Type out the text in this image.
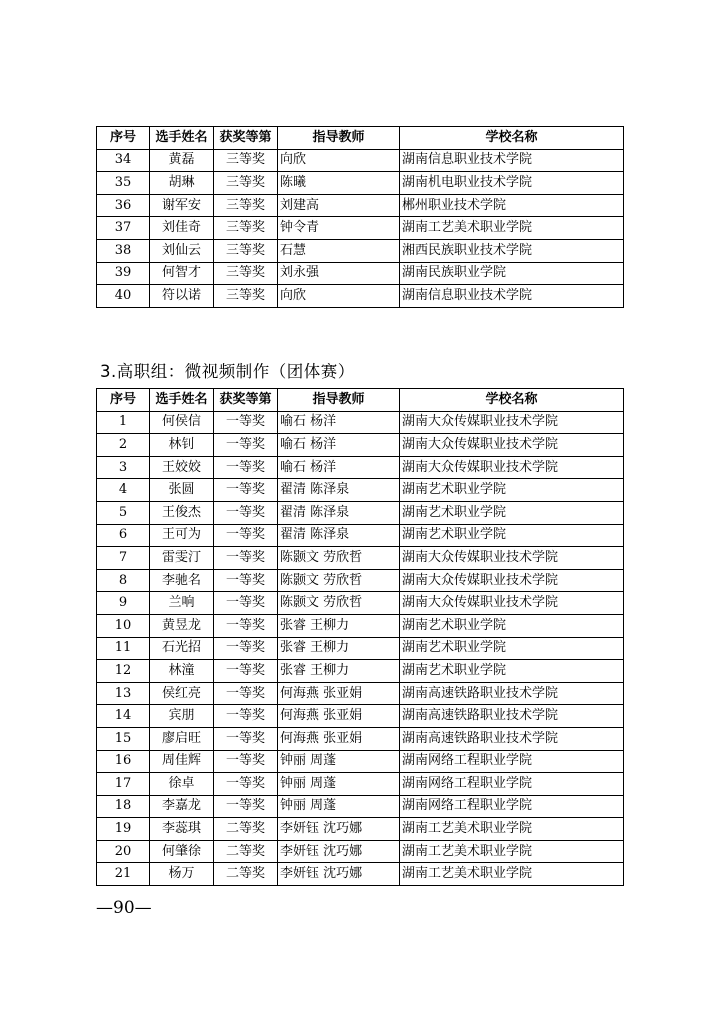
序号	选手姓名	获奖等第	指导教师	学校名称
34	黄磊	三等奖	向欣	湖南信息职业技术学院
35	胡琳	三等奖	陈曦	湖南机电职业技术学院
36	谢军安	三等奖	刘建高	郴州职业技术学院
37	刘佳奇	三等奖	钟令青	湖南工艺美术职业学院
38	刘仙云	三等奖	石慧	湘西民族职业技术学院
39	何智才	三等奖	刘永强	湖南民族职业学院
40	符以诺	三等奖	向欣	湖南信息职业技术学院
3.高职组：微视频制作（团体赛）
序号	选手姓名	获奖等第	指导教师	学校名称
1	何侯信	一等奖	喻石 杨洋	湖南大众传媒职业技术学院
2	林钊	一等奖	喻石 杨洋	湖南大众传媒职业技术学院
3	王姣姣	一等奖	喻石 杨洋	湖南大众传媒职业技术学院
4	张圆	一等奖	翟清 陈泽泉	湖南艺术职业学院
5	王俊杰	一等奖	翟清 陈泽泉	湖南艺术职业学院
6	王可为	一等奖	翟清 陈泽泉	湖南艺术职业学院
7	雷雯汀	一等奖	陈颢文 劳欣哲	湖南大众传媒职业技术学院
8	李驰名	一等奖	陈颢文 劳欣哲	湖南大众传媒职业技术学院
9	兰响	一等奖	陈颢文 劳欣哲	湖南大众传媒职业技术学院
10	黄昱龙	一等奖	张睿 王柳力	湖南艺术职业学院
11	石光招	一等奖	张睿 王柳力	湖南艺术职业学院
12	林潼	一等奖	张睿 王柳力	湖南艺术职业学院
13	侯红亮	一等奖	何海燕 张亚娟	湖南高速铁路职业技术学院
14	宾朋	一等奖	何海燕 张亚娟	湖南高速铁路职业技术学院
15	廖启旺	一等奖	何海燕 张亚娟	湖南高速铁路职业技术学院
16	周佳辉	一等奖	钟丽 周蓬	湖南网络工程职业学院
17	徐卓	一等奖	钟丽 周蓬	湖南网络工程职业学院
18	李嘉龙	一等奖	钟丽 周蓬	湖南网络工程职业学院
19	李蕊琪	二等奖	李妍钰 沈巧娜	湖南工艺美术职业学院
20	何肇徐	二等奖	李妍钰 沈巧娜	湖南工艺美术职业学院
21	杨万	二等奖	李妍钰 沈巧娜	湖南工艺美术职业学院
—90—
